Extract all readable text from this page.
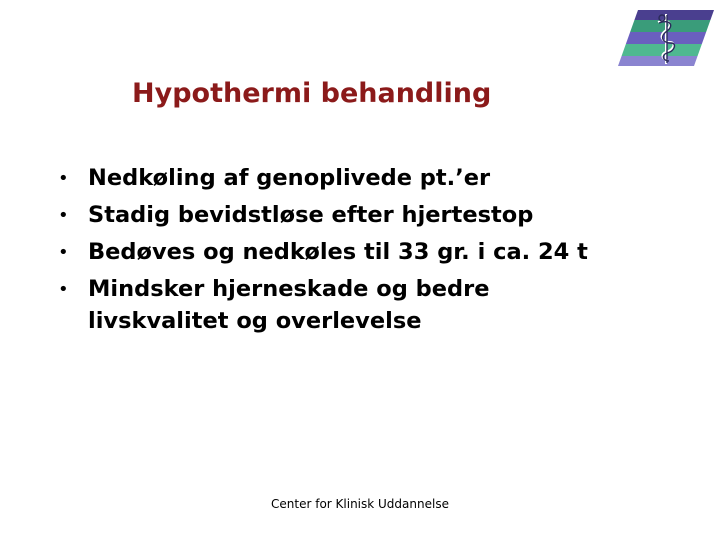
Hypothermi behandling
• Nedkøling af genoplivede pt.’er
• Stadig bevidstløse efter hjertestop
• Bedøves og nedkøles til 33 gr. i ca. 24 t
• Mindsker hjerneskade og bedre livskvalitet og overlevelse
Center for Klinisk Uddannelse
